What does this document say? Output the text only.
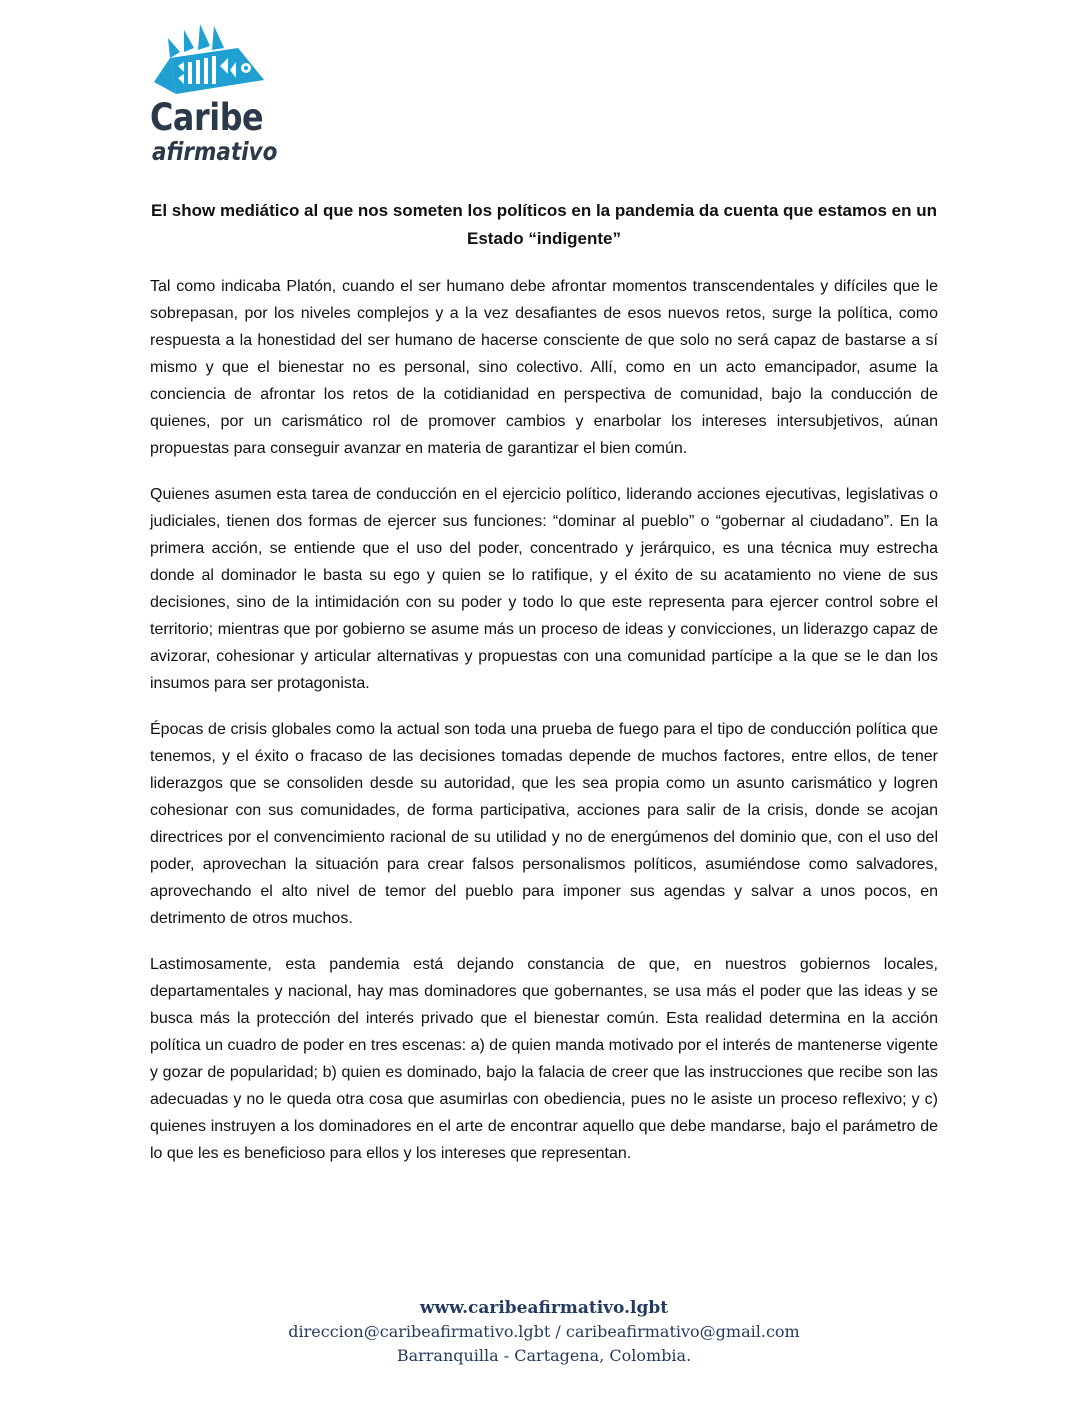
Caribe
afirmativo
El show mediático al que nos someten los políticos en la pandemia da cuenta que estamos en un Estado “indigente”

Tal como indicaba Platón, cuando el ser humano debe afrontar momentos transcendentales y difíciles que le sobrepasan, por los niveles complejos y a la vez desafiantes de esos nuevos retos, surge la política, como respuesta a la honestidad del ser humano de hacerse consciente de que solo no será capaz de bastarse a sí mismo y que el bienestar no es personal, sino colectivo. Allí, como en un acto emancipador, asume la conciencia de afrontar los retos de la cotidianidad en perspectiva de comunidad, bajo la conducción de quienes, por un carismático rol de promover cambios y enarbolar los intereses intersubjetivos, aúnan propuestas para conseguir avanzar en materia de garantizar el bien común.

Quienes asumen esta tarea de conducción en el ejercicio político, liderando acciones ejecutivas, legislativas o judiciales, tienen dos formas de ejercer sus funciones: “dominar al pueblo” o “gobernar al ciudadano”. En la primera acción, se entiende que el uso del poder, concentrado y jerárquico, es una técnica muy estrecha donde al dominador le basta su ego y quien se lo ratifique, y el éxito de su acatamiento no viene de sus decisiones, sino de la intimidación con su poder y todo lo que este representa para ejercer control sobre el territorio; mientras que por gobierno se asume más un proceso de ideas y convicciones, un liderazgo capaz de avizorar, cohesionar y articular alternativas y propuestas con una comunidad partícipe a la que se le dan los insumos para ser protagonista.

Épocas de crisis globales como la actual son toda una prueba de fuego para el tipo de conducción política que tenemos, y el éxito o fracaso de las decisiones tomadas depende de muchos factores, entre ellos, de tener liderazgos que se consoliden desde su autoridad, que les sea propia como un asunto carismático y logren cohesionar con sus comunidades, de forma participativa, acciones para salir de la crisis, donde se acojan directrices por el convencimiento racional de su utilidad y no de energúmenos del dominio que, con el uso del poder, aprovechan la situación para crear falsos personalismos políticos, asumiéndose como salvadores, aprovechando el alto nivel de temor del pueblo para imponer sus agendas y salvar a unos pocos, en detrimento de otros muchos.

Lastimosamente, esta pandemia está dejando constancia de que, en nuestros gobiernos locales, departamentales y nacional, hay mas dominadores que gobernantes, se usa más el poder que las ideas y se busca más la protección del interés privado que el bienestar común. Esta realidad determina en la acción política un cuadro de poder en tres escenas: a) de quien manda motivado por el interés de mantenerse vigente y gozar de popularidad; b) quien es dominado, bajo la falacia de creer que las instrucciones que recibe son las adecuadas y no le queda otra cosa que asumirlas con obediencia, pues no le asiste un proceso reflexivo; y c) quienes instruyen a los dominadores en el arte de encontrar aquello que debe mandarse, bajo el parámetro de lo que les es beneficioso para ellos y los intereses que representan.

www.caribeafirmativo.lgbt
direccion@caribeafirmativo.lgbt / caribeafirmativo@gmail.com
Barranquilla - Cartagena, Colombia.
